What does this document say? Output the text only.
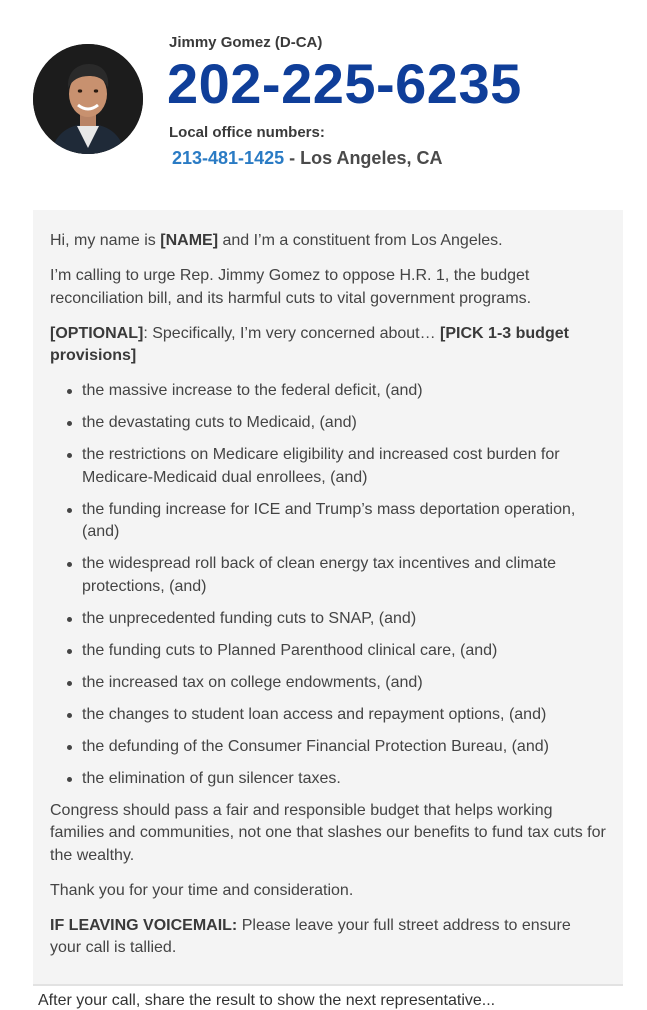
Jimmy Gomez (D-CA)
202-225-6235
Local office numbers:
213-481-1425 - Los Angeles, CA

Hi, my name is [NAME] and I’m a constituent from Los Angeles.

I’m calling to urge Rep. Jimmy Gomez to oppose H.R. 1, the budget reconciliation bill, and its harmful cuts to vital government programs.

[OPTIONAL]: Specifically, I’m very concerned about… [PICK 1-3 budget provisions]

the massive increase to the federal deficit, (and)
the devastating cuts to Medicaid, (and)
the restrictions on Medicare eligibility and increased cost burden for Medicare-Medicaid dual enrollees, (and)
the funding increase for ICE and Trump’s mass deportation operation, (and)
the widespread roll back of clean energy tax incentives and climate protections, (and)
the unprecedented funding cuts to SNAP, (and)
the funding cuts to Planned Parenthood clinical care, (and)
the increased tax on college endowments, (and)
the changes to student loan access and repayment options, (and)
the defunding of the Consumer Financial Protection Bureau, (and)
the elimination of gun silencer taxes.

Congress should pass a fair and responsible budget that helps working families and communities, not one that slashes our benefits to fund tax cuts for the wealthy.

Thank you for your time and consideration.

IF LEAVING VOICEMAIL: Please leave your full street address to ensure your call is tallied.

After your call, share the result to show the next representative...
